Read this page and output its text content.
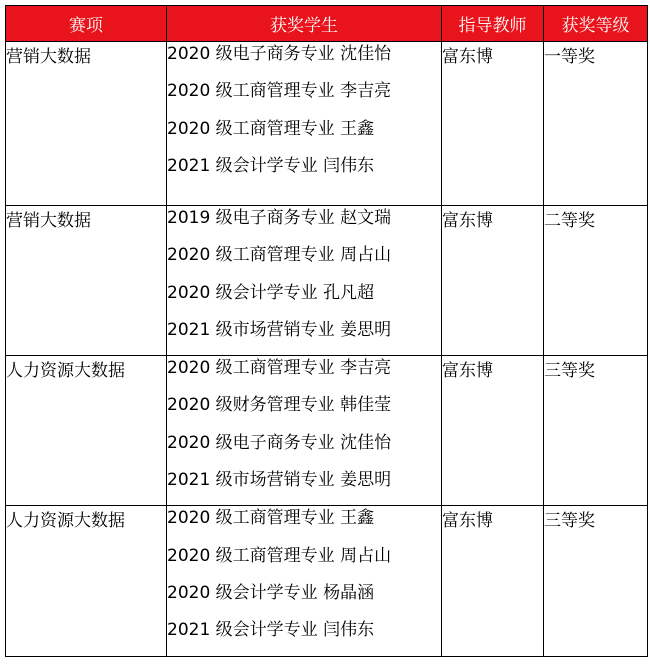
赛项	获奖学生	指导教师	获奖等级
营销大数据	2020 级电子商务专业 沈佳怡
2020 级工商管理专业 李吉亮
2020 级工商管理专业 王鑫
2021 级会计学专业 闫伟东	富东博	一等奖
营销大数据	2019 级电子商务专业 赵文瑞
2020 级工商管理专业 周占山
2020 级会计学专业 孔凡超
2021 级市场营销专业 姜思明	富东博	二等奖
人力资源大数据	2020 级工商管理专业 李吉亮
2020 级财务管理专业 韩佳莹
2020 级电子商务专业 沈佳怡
2021 级市场营销专业 姜思明	富东博	三等奖
人力资源大数据	2020 级工商管理专业 王鑫
2020 级工商管理专业 周占山
2020 级会计学专业 杨晶涵
2021 级会计学专业 闫伟东	富东博	三等奖
